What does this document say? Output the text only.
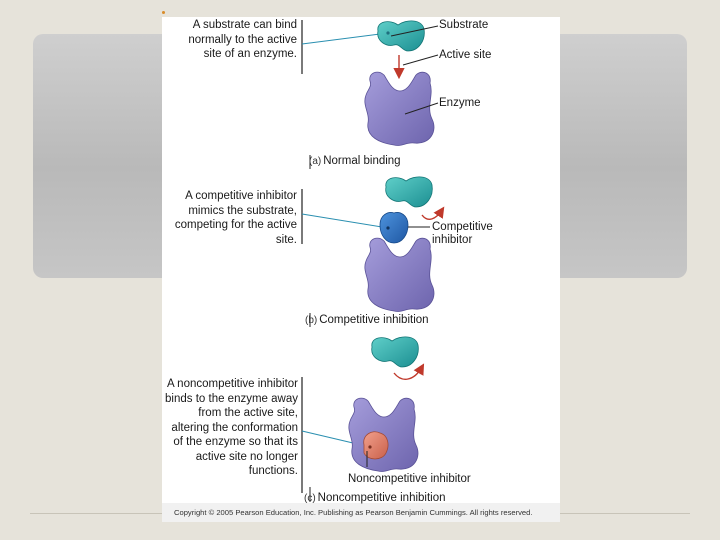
A substrate can bind normally to the active site of an enzyme.

Substrate

Active site

Enzyme

(a) Normal binding

A competitive inhibitor mimics the substrate, competing for the active site.

Competitive inhibitor

(b) Competitive inhibition

A noncompetitive inhibitor binds to the enzyme away from the active site, altering the conformation of the enzyme so that its active site no longer functions.

Noncompetitive inhibitor

(c) Noncompetitive inhibition

Copyright © 2005 Pearson Education, Inc. Publishing as Pearson Benjamin Cummings. All rights reserved.
